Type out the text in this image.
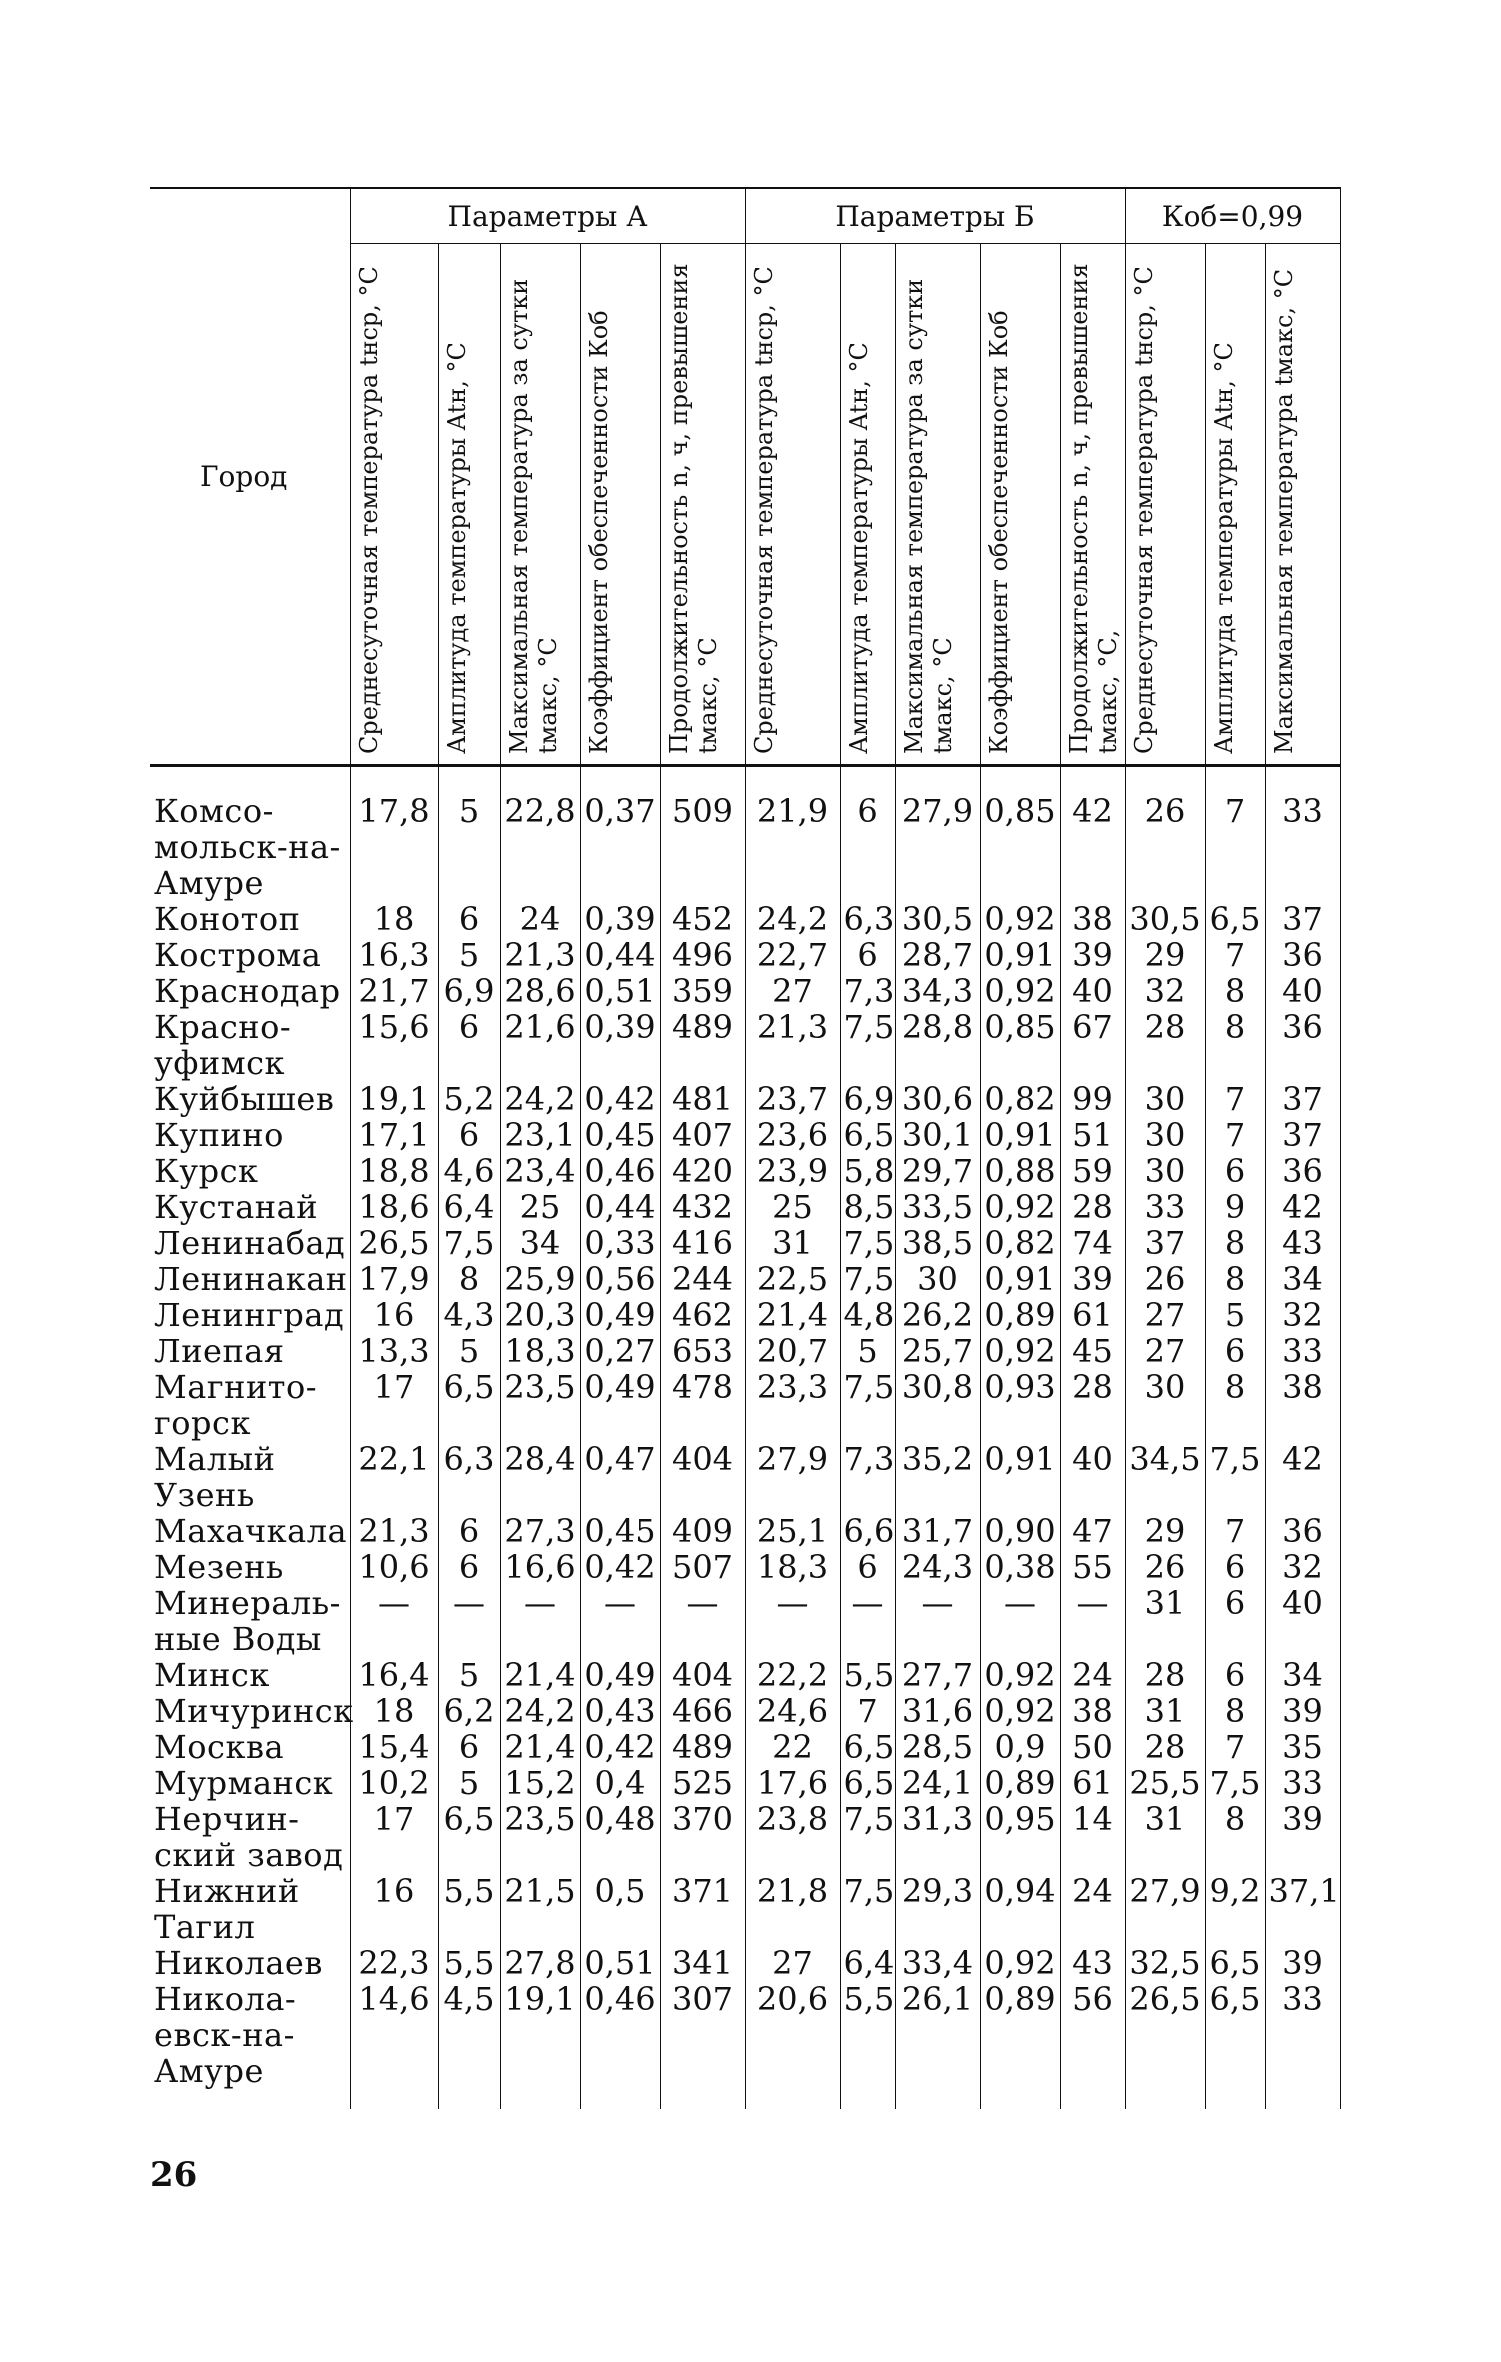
Город	Параметры А					Параметры Б					Коб=0,99		

	Среднесуточная температура tнср, °С	Амплитуда температуры Atн, °С	Максимальная температура за сутки tмакс, °С	Коэффициент обеспеченности Коб	Продолжительность n, ч, превышения tмакс, °С	Среднесуточная температура tнср, °С	Амплитуда температуры Atн, °С	Максимальная температура за сутки tмакс, °С	Коэффициент обеспеченности Коб	Продолжительность n, ч, превышения tмакс, °С,	Среднесуточная температура tнср, °С	Амплитуда температуры Atн, °С	Максимальная температура tмакс, °С

Комсо-
мольск-на-
Амуре	17,8	5	22,8	0,37	509	21,9	6	27,9	0,85	42	26	7	33
Конотоп	18	6	24	0,39	452	24,2	6,3	30,5	0,92	38	30,5	6,5	37
Кострома	16,3	5	21,3	0,44	496	22,7	6	28,7	0,91	39	29	7	36
Краснодар	21,7	6,9	28,6	0,51	359	27	7,3	34,3	0,92	40	32	8	40
Красно-
уфимск	15,6	6	21,6	0,39	489	21,3	7,5	28,8	0,85	67	28	8	36
Куйбышев	19,1	5,2	24,2	0,42	481	23,7	6,9	30,6	0,82	99	30	7	37
Купино	17,1	6	23,1	0,45	407	23,6	6,5	30,1	0,91	51	30	7	37
Курск	18,8	4,6	23,4	0,46	420	23,9	5,8	29,7	0,88	59	30	6	36
Кустанай	18,6	6,4	25	0,44	432	25	8,5	33,5	0,92	28	33	9	42
Ленинабад	26,5	7,5	34	0,33	416	31	7,5	38,5	0,82	74	37	8	43
Ленинакан	17,9	8	25,9	0,56	244	22,5	7,5	30	0,91	39	26	8	34
Ленинград	16	4,3	20,3	0,49	462	21,4	4,8	26,2	0,89	61	27	5	32
Лиепая	13,3	5	18,3	0,27	653	20,7	5	25,7	0,92	45	27	6	33
Магнито-
горск	17	6,5	23,5	0,49	478	23,3	7,5	30,8	0,93	28	30	8	38
Малый
Узень	22,1	6,3	28,4	0,47	404	27,9	7,3	35,2	0,91	40	34,5	7,5	42
Махачкала	21,3	6	27,3	0,45	409	25,1	6,6	31,7	0,90	47	29	7	36
Мезень	10,6	6	16,6	0,42	507	18,3	6	24,3	0,38	55	26	6	32
Минераль-
ные Воды	—	—	—	—	—	—	—	—	—	—	31	6	40
Минск	16,4	5	21,4	0,49	404	22,2	5,5	27,7	0,92	24	28	6	34
Мичуринск	18	6,2	24,2	0,43	466	24,6	7	31,6	0,92	38	31	8	39
Москва	15,4	6	21,4	0,42	489	22	6,5	28,5	0,9	50	28	7	35
Мурманск	10,2	5	15,2	0,4	525	17,6	6,5	24,1	0,89	61	25,5	7,5	33
Нерчин-
ский завод	17	6,5	23,5	0,48	370	23,8	7,5	31,3	0,95	14	31	8	39
Нижний
Тагил	16	5,5	21,5	0,5	371	21,8	7,5	29,3	0,94	24	27,9	9,2	37,1
Николаев	22,3	5,5	27,8	0,51	341	27	6,4	33,4	0,92	43	32,5	6,5	39
Никола-
евск-на-
Амуре	14,6	4,5	19,1	0,46	307	20,6	5,5	26,1	0,89	56	26,5	6,5	33
26
